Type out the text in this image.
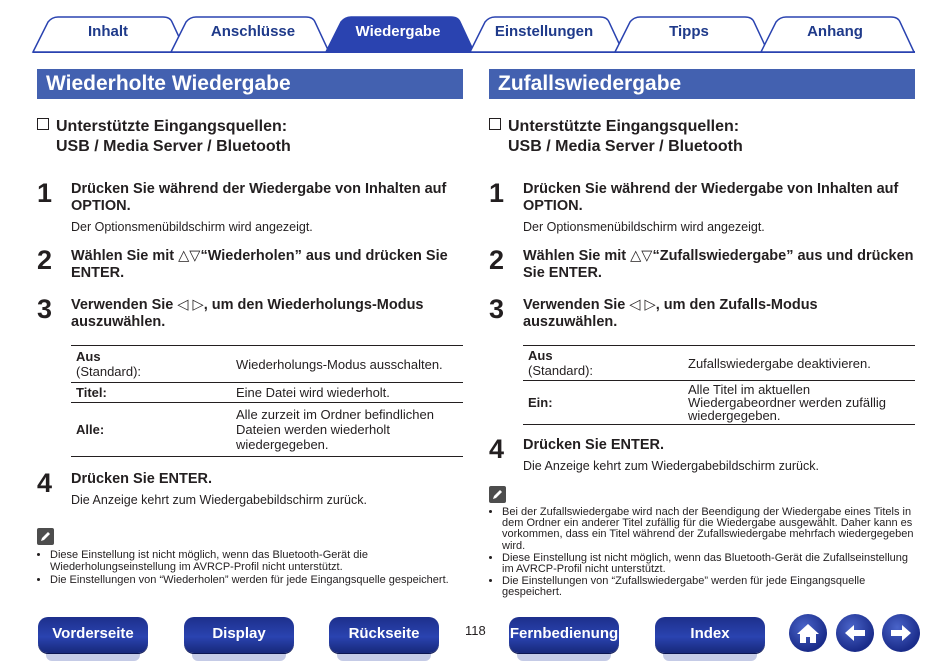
Inhalt	Anschlüsse	Wiedergabe	Einstellungen	Tipps	Anhang
Wiederholte Wiedergabe
Unterstützte Eingangsquellen:
USB / Media Server / Bluetooth
1 Drücken Sie während der Wiedergabe von Inhalten auf OPTION.
Der Optionsmenübildschirm wird angezeigt.
2 Wählen Sie mit △▽“Wiederholen” aus und drücken Sie ENTER.
3 Verwenden Sie ◁ ▷, um den Wiederholungs-Modus auszuwählen.
Aus
(Standard):	Wiederholungs-Modus ausschalten.
Titel:	Eine Datei wird wiederholt.
Alle:	Alle zurzeit im Ordner befindlichen Dateien werden wiederholt wiedergegeben.
4 Drücken Sie ENTER.
Die Anzeige kehrt zum Wiedergabebildschirm zurück.
• Diese Einstellung ist nicht möglich, wenn das Bluetooth-Gerät die Wiederholungseinstellung im AVRCP-Profil nicht unterstützt.
• Die Einstellungen von “Wiederholen” werden für jede Eingangsquelle gespeichert.
Zufallswiedergabe
Unterstützte Eingangsquellen:
USB / Media Server / Bluetooth
1 Drücken Sie während der Wiedergabe von Inhalten auf OPTION.
Der Optionsmenübildschirm wird angezeigt.
2 Wählen Sie mit △▽“Zufallswiedergabe” aus und drücken Sie ENTER.
3 Verwenden Sie ◁ ▷, um den Zufalls-Modus auszuwählen.
Aus
(Standard):	Zufallswiedergabe deaktivieren.
Ein:	Alle Titel im aktuellen Wiedergabeordner werden zufällig wiedergegeben.
4 Drücken Sie ENTER.
Die Anzeige kehrt zum Wiedergabebildschirm zurück.
• Bei der Zufallswiedergabe wird nach der Beendigung der Wiedergabe eines Titels in dem Ordner ein anderer Titel zufällig für die Wiedergabe ausgewählt. Daher kann es vorkommen, dass ein Titel während der Zufallswiedergabe mehrfach wiedergegeben wird.
• Diese Einstellung ist nicht möglich, wenn das Bluetooth-Gerät die Zufallseinstellung im AVRCP-Profil nicht unterstützt.
• Die Einstellungen von “Zufallswiedergabe” werden für jede Eingangsquelle gespeichert.
Vorderseite	Display	Rückseite	118 Fernbedienung	Index
